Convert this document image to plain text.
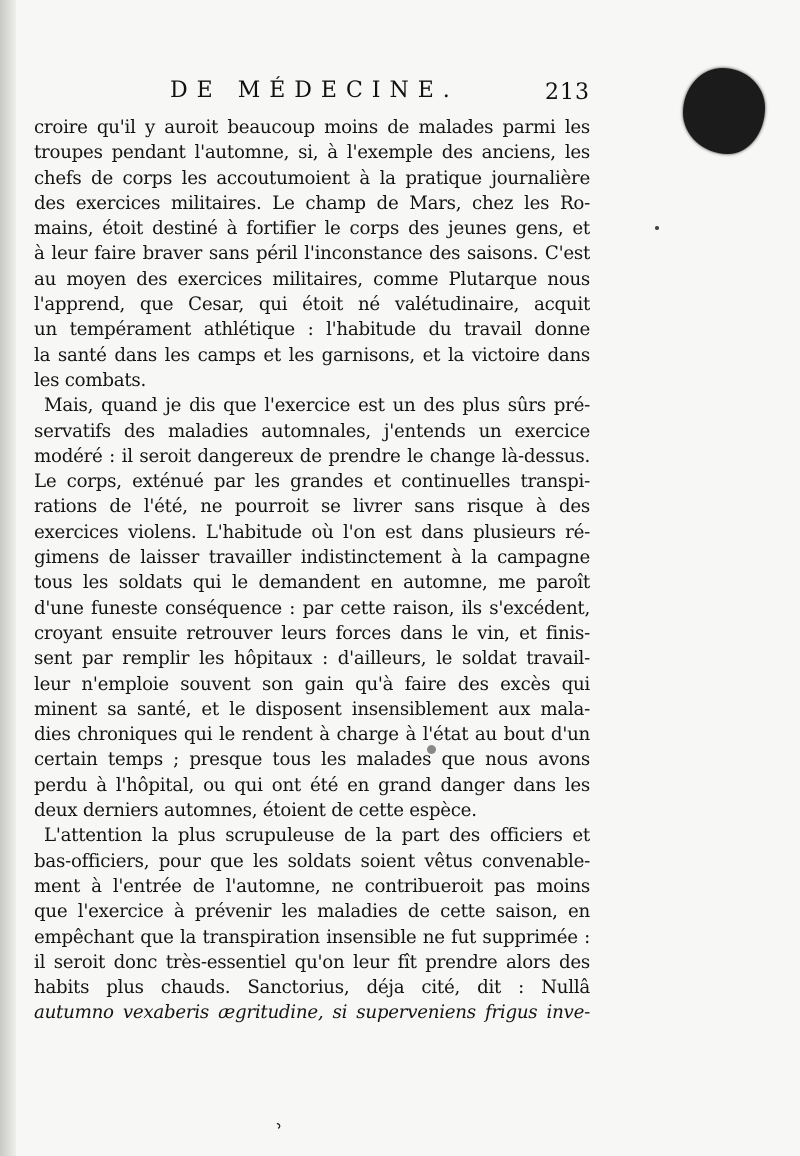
DE MÉDECINE.	213
croire qu'il y auroit beaucoup moins de malades parmi les
troupes pendant l'automne, si, à l'exemple des anciens, les
chefs de corps les accoutumoient à la pratique journalière
des exercices militaires. Le champ de Mars, chez les Ro-
mains, étoit destiné à fortifier le corps des jeunes gens, et
à leur faire braver sans péril l'inconstance des saisons. C'est
au moyen des exercices militaires, comme Plutarque nous
l'apprend, que Cesar, qui étoit né valétudinaire, acquit
un tempérament athlétique : l'habitude du travail donne
la santé dans les camps et les garnisons, et la victoire dans
les combats.
Mais, quand je dis que l'exercice est un des plus sûrs pré-
servatifs des maladies automnales, j'entends un exercice
modéré : il seroit dangereux de prendre le change là-dessus.
Le corps, exténué par les grandes et continuelles transpi-
rations de l'été, ne pourroit se livrer sans risque à des
exercices violens. L'habitude où l'on est dans plusieurs ré-
gimens de laisser travailler indistinctement à la campagne
tous les soldats qui le demandent en automne, me paroît
d'une funeste conséquence : par cette raison, ils s'excédent,
croyant ensuite retrouver leurs forces dans le vin, et finis-
sent par remplir les hôpitaux : d'ailleurs, le soldat travail-
leur n'emploie souvent son gain qu'à faire des excès qui
minent sa santé, et le disposent insensiblement aux mala-
dies chroniques qui le rendent à charge à l'état au bout d'un
certain temps ; presque tous les malades que nous avons
perdu à l'hôpital, ou qui ont été en grand danger dans les
deux derniers automnes, étoient de cette espèce.
L'attention la plus scrupuleuse de la part des officiers et
bas-officiers, pour que les soldats soient vêtus convenable-
ment à l'entrée de l'automne, ne contribueroit pas moins
que l'exercice à prévenir les maladies de cette saison, en
empêchant que la transpiration insensible ne fut supprimée :
il seroit donc très-essentiel qu'on leur fît prendre alors des
habits plus chauds. Sanctorius, déja cité, dit : Nullâ
autumno vexaberis ægritudine, si superveniens frigus inve-
ʾ
